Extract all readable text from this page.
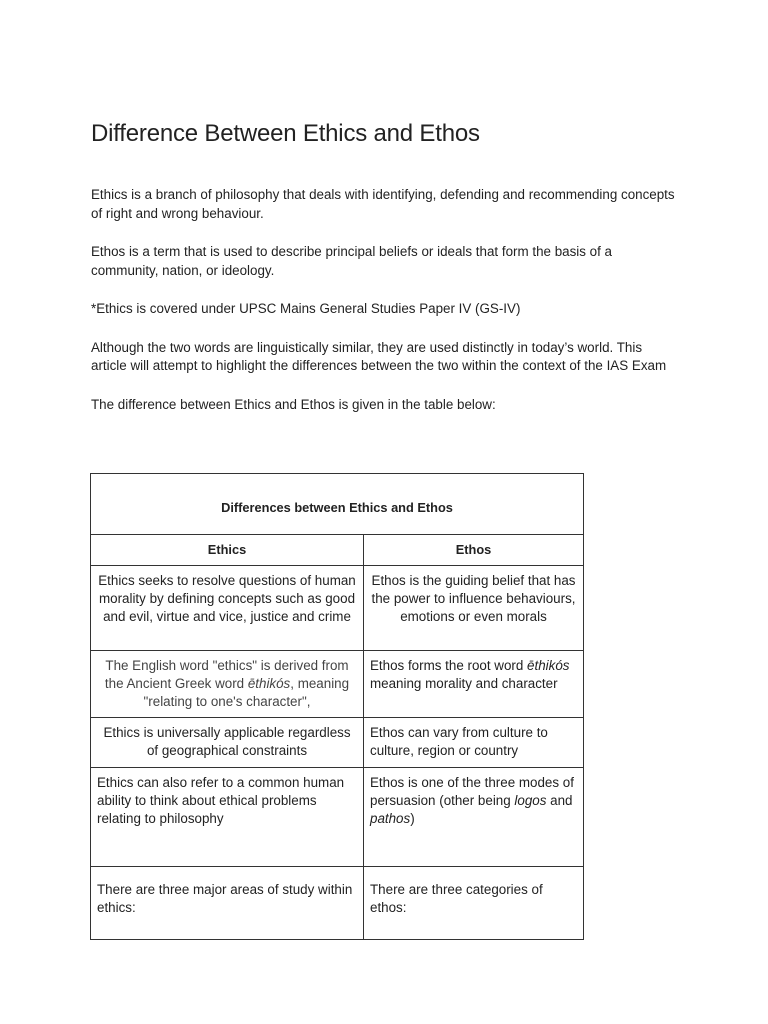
Difference Between Ethics and Ethos

Ethics is a branch of philosophy that deals with identifying, defending and recommending concepts of right and wrong behaviour.

Ethos is a term that is used to describe principal beliefs or ideals that form the basis of a community, nation, or ideology.

*Ethics is covered under UPSC Mains General Studies Paper IV (GS-IV)

Although the two words are linguistically similar, they are used distinctly in today’s world. This article will attempt to highlight the differences between the two within the context of the IAS Exam

The difference between Ethics and Ethos is given in the table below:

Differences between Ethics and Ethos	
Ethics	Ethos
Ethics seeks to resolve questions of human morality by defining concepts such as good and evil, virtue and vice, justice and crime	Ethos is the guiding belief that has the power to influence behaviours, emotions or even morals
The English word "ethics" is derived from the Ancient Greek word ēthikós, meaning "relating to one's character",	Ethos forms the root word ēthikós meaning morality and character
Ethics is universally applicable regardless of geographical constraints	Ethos can vary from culture to culture, region or country
Ethics can also refer to a common human ability to think about ethical problems relating to philosophy	Ethos is one of the three modes of persuasion (other being logos and pathos)
There are three major areas of study within ethics:	There are three categories of ethos:
